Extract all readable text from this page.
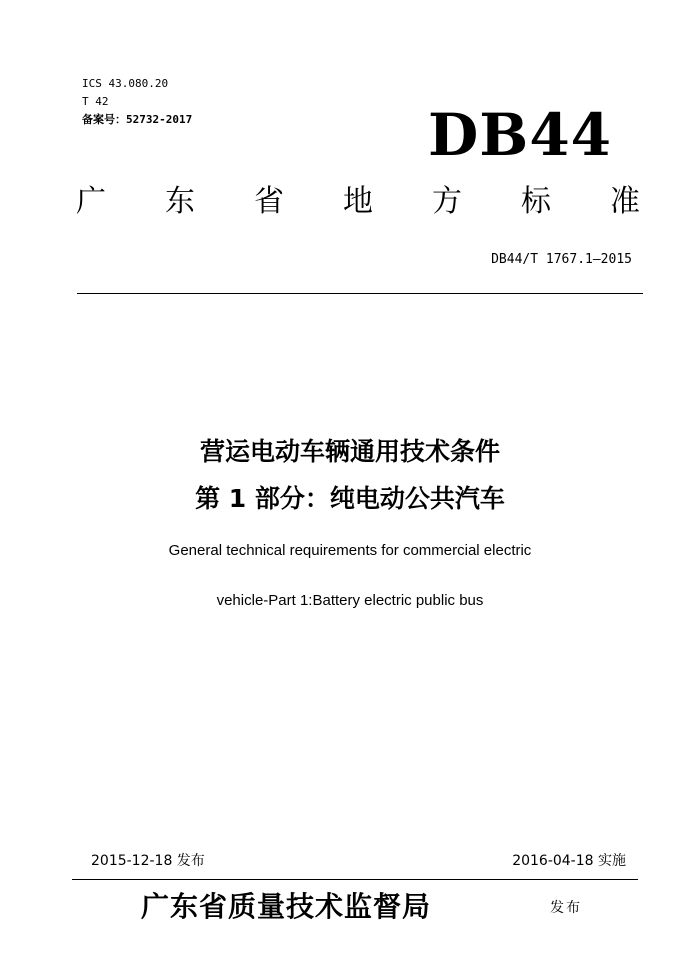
ICS 43.080.20
T 42
备案号：52732-2017	DB44
广 东 省 地 方 标 准
DB44/T 1767.1—2015
营运电动车辆通用技术条件
第 1 部分：纯电动公共汽车
General technical requirements for commercial electric
vehicle-Part 1:Battery electric public bus
2015-12-18 发布	2016-04-18 实施
广东省质量技术监督局	发布
